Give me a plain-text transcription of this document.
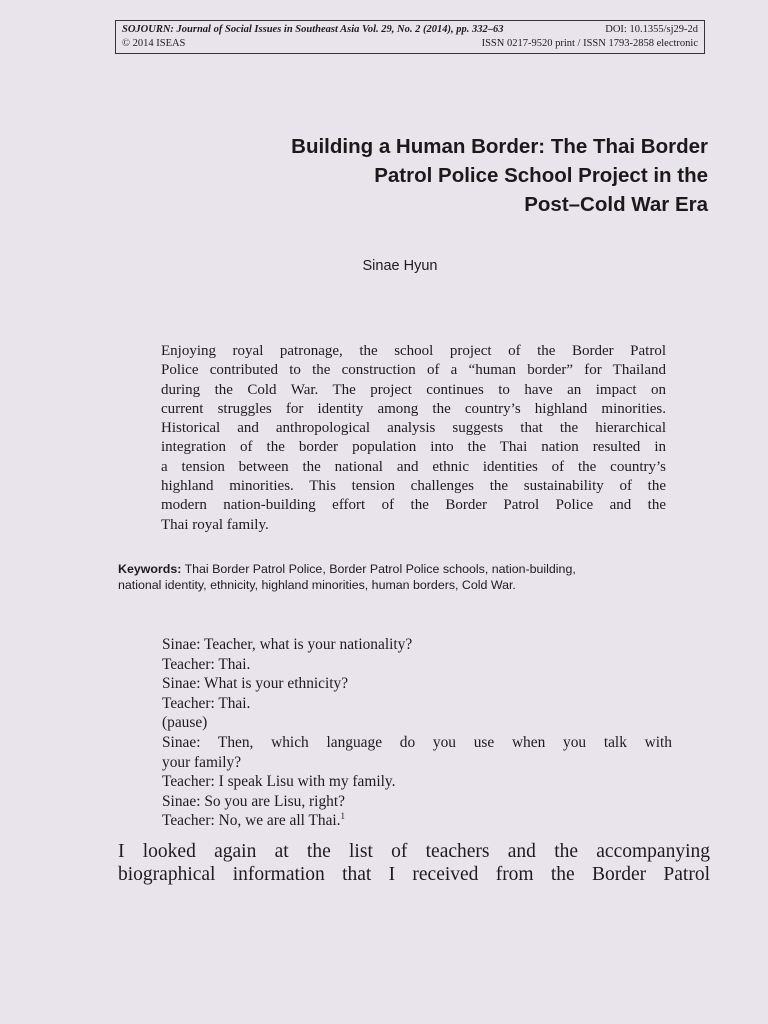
SOJOURN: Journal of Social Issues in Southeast Asia Vol. 29, No. 2 (2014), pp. 332–63	DOI: 10.1355/sj29-2d
© 2014 ISEAS	ISSN 0217-9520 print / ISSN 1793-2858 electronic
Building a Human Border: The Thai Border
Patrol Police School Project in the
Post–Cold War Era
Sinae Hyun
Enjoying royal patronage, the school project of the Border Patrol
Police contributed to the construction of a “human border” for Thailand
during the Cold War. The project continues to have an impact on
current struggles for identity among the country’s highland minorities.
Historical and anthropological analysis suggests that the hierarchical
integration of the border population into the Thai nation resulted in
a tension between the national and ethnic identities of the country’s
highland minorities. This tension challenges the sustainability of the
modern nation-building effort of the Border Patrol Police and the
Thai royal family.
Keywords: Thai Border Patrol Police, Border Patrol Police schools, nation-building,
national identity, ethnicity, highland minorities, human borders, Cold War.
Sinae: Teacher, what is your nationality?
Teacher: Thai.
Sinae: What is your ethnicity?
Teacher: Thai.
(pause)
Sinae: Then, which language do you use when you talk with
your family?
Teacher: I speak Lisu with my family.
Sinae: So you are Lisu, right?
Teacher: No, we are all Thai.$^1$
I looked again at the list of teachers and the accompanying
biographical information that I received from the Border Patrol
